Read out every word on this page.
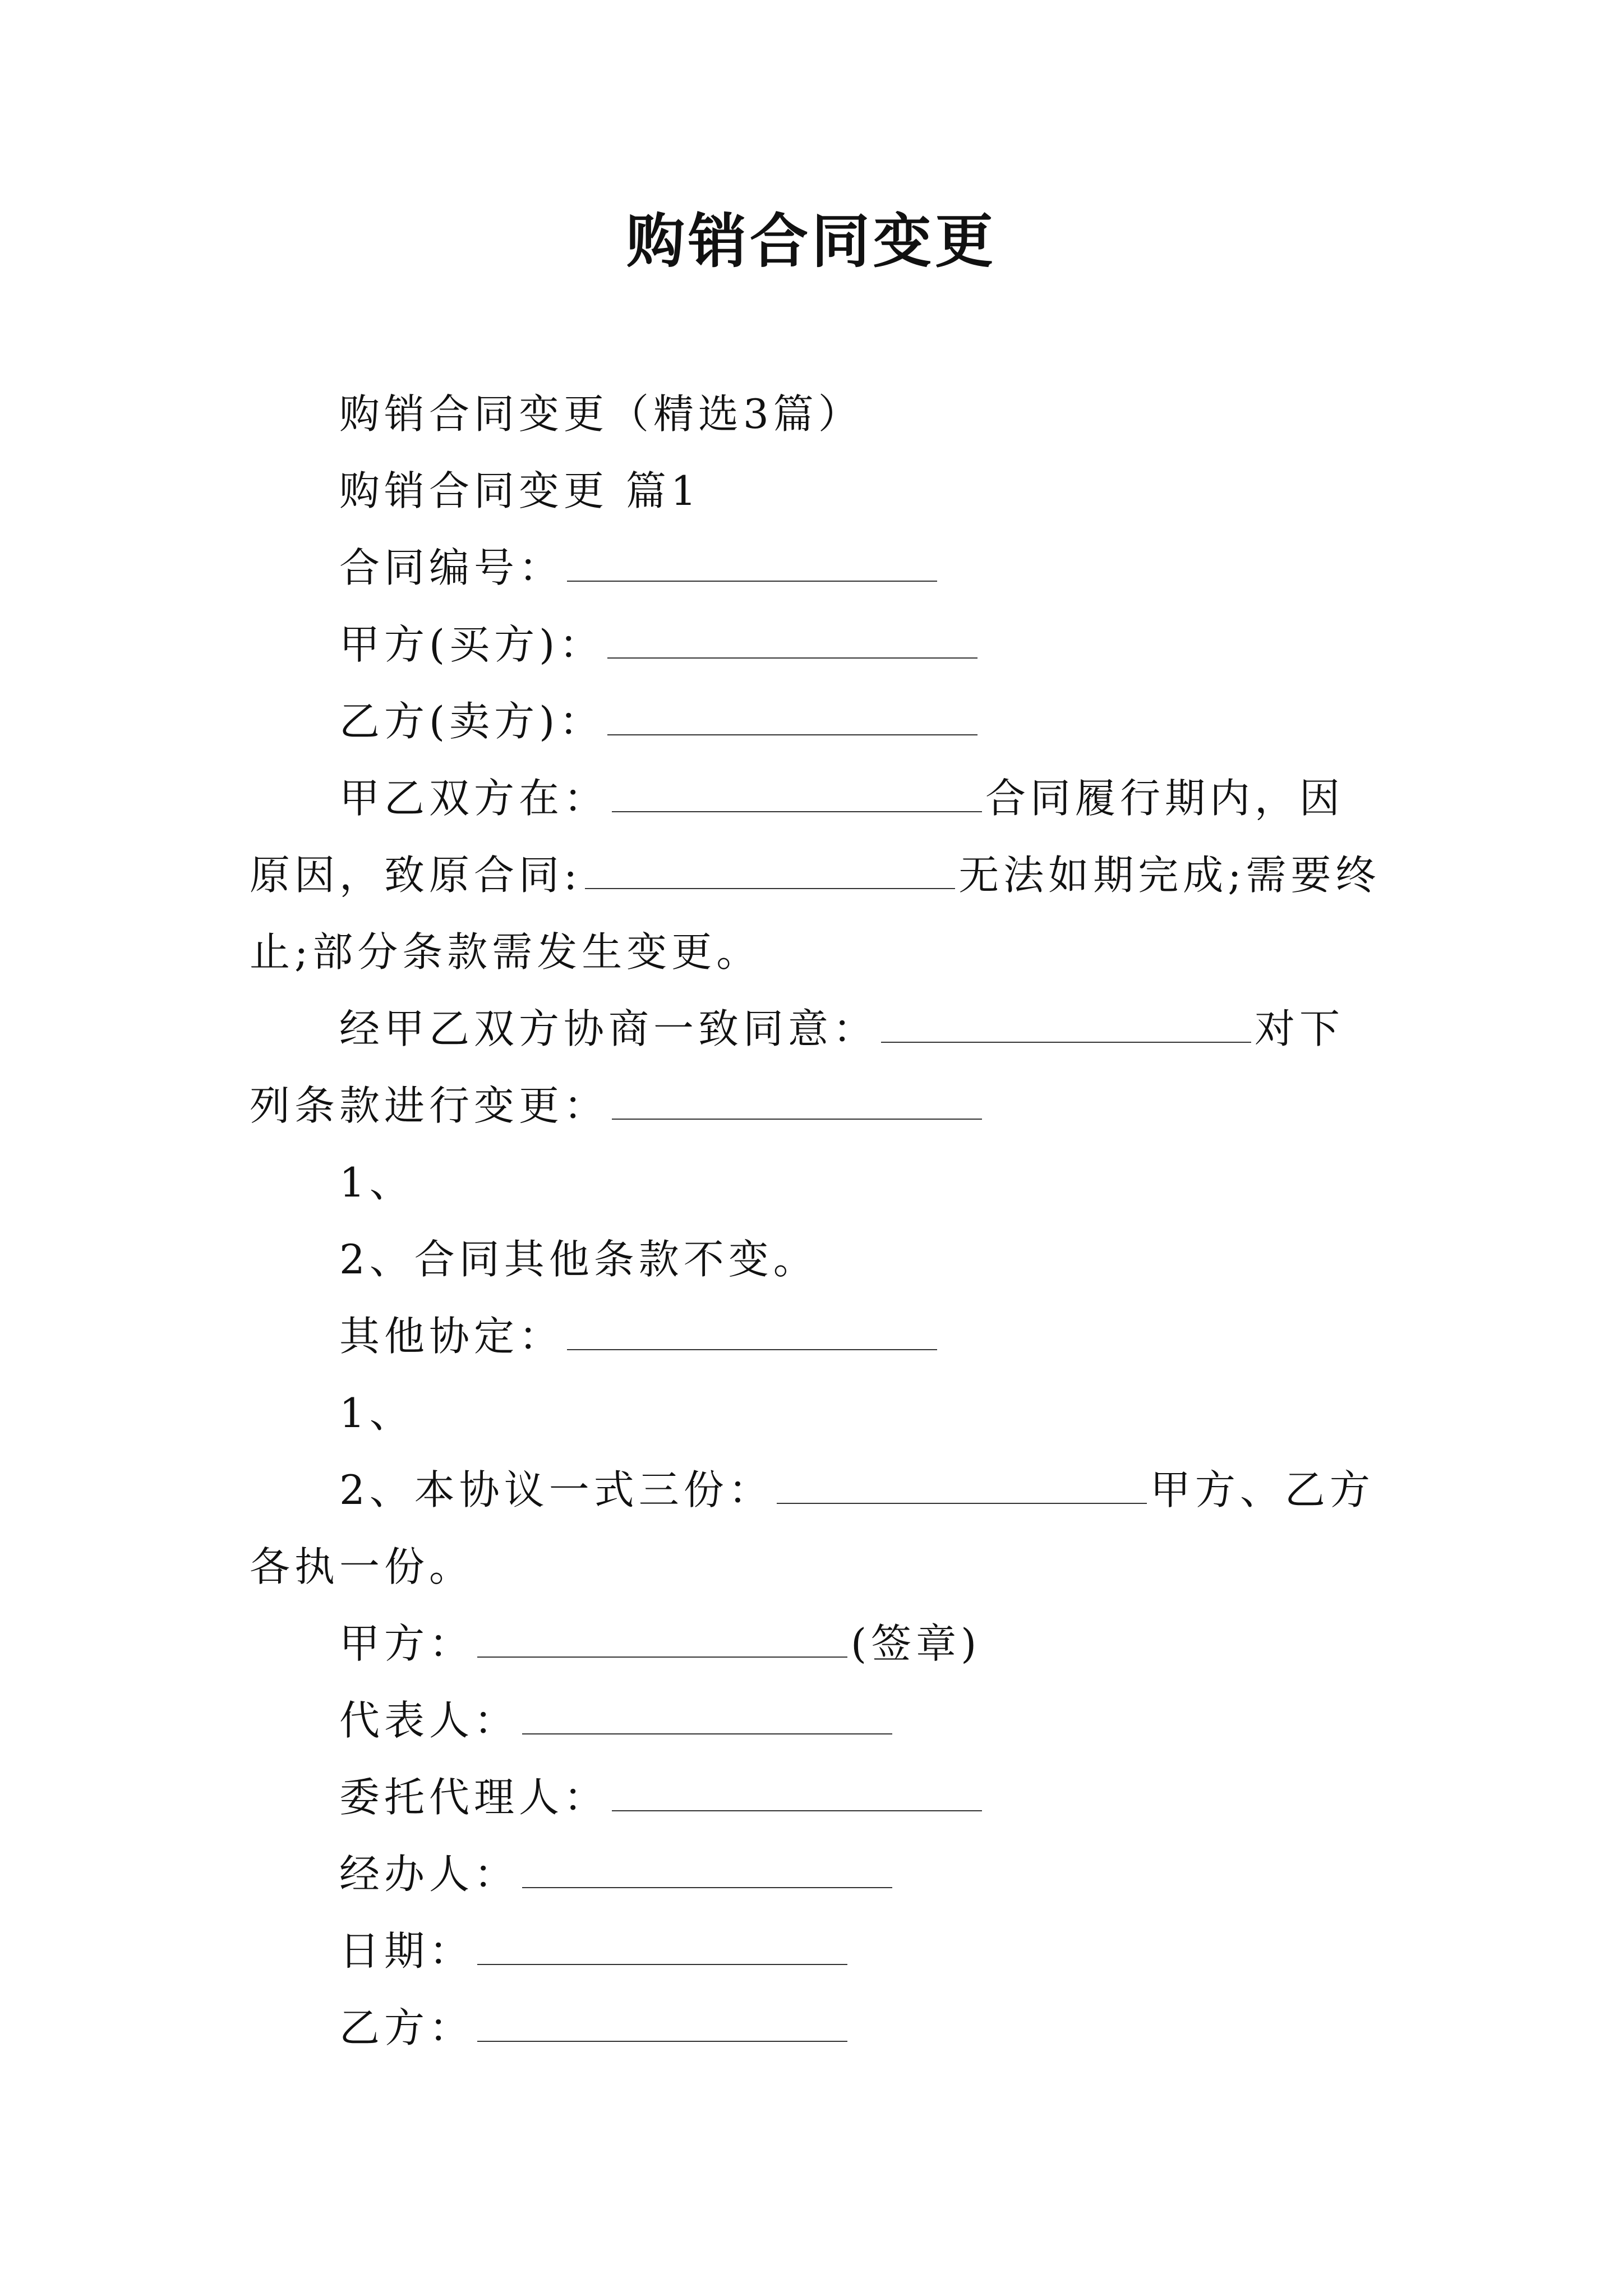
购销合同变更

购销合同变更（精选3篇）

购销合同变更 篇1

合同编号：

甲方(买方)：

乙方(卖方)：

甲乙双方在：	合同履行期内，因原因，致原合同:	无法如期完成;需要终止;部分条款需发生变更。

经甲乙双方协商一致同意：	对下列条款进行变更：

1、

2、合同其他条款不变。

其他协定：

1、

2、本协议一式三份：	甲方、乙方各执一份。

甲方：	(签章)

代表人：

委托代理人：

经办人：

日期：

乙方：
